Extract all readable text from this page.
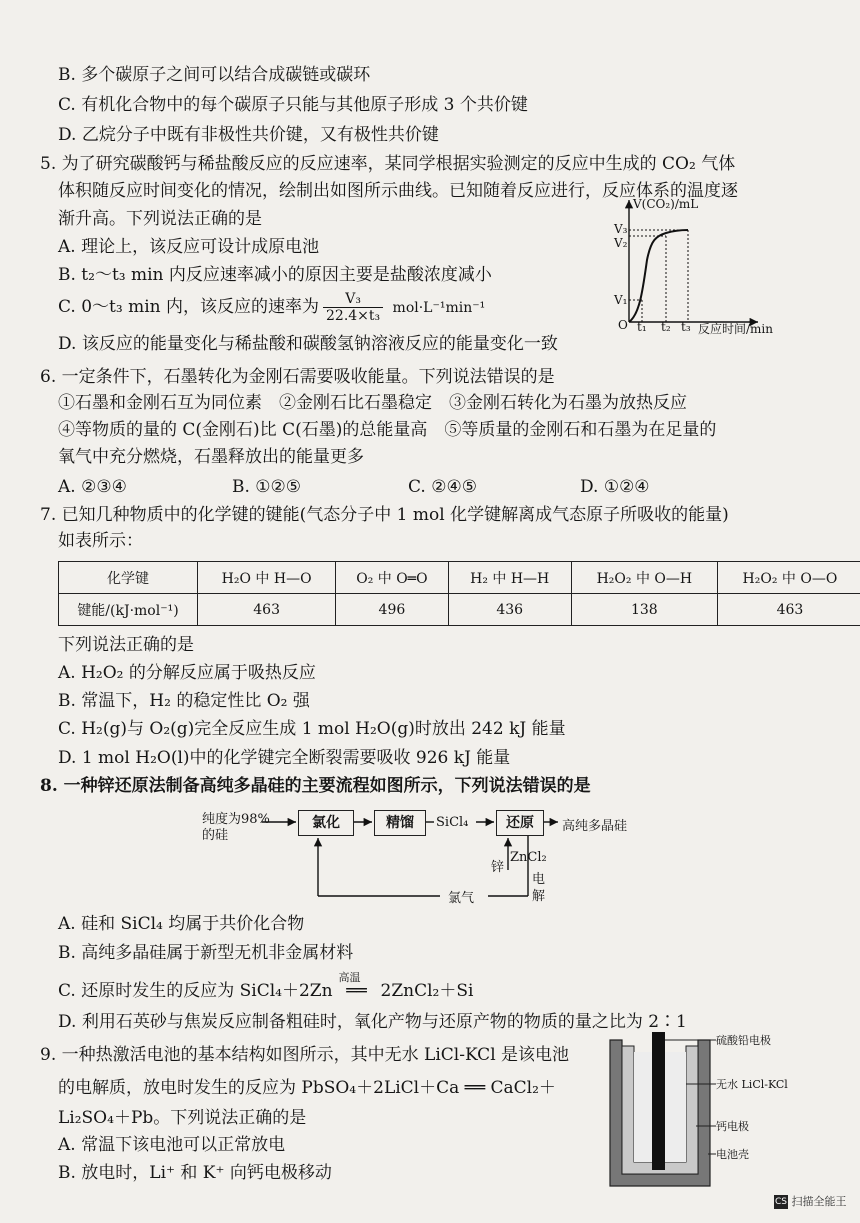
B. 多个碳原子之间可以结合成碳链或碳环
C. 有机化合物中的每个碳原子只能与其他原子形成 3 个共价键
D. 乙烷分子中既有非极性共价键，又有极性共价键
5. 为了研究碳酸钙与稀盐酸反应的反应速率，某同学根据实验测定的反应中生成的 CO₂ 气体
体积随反应时间变化的情况，绘制出如图所示曲线。已知随着反应进行，反应体系的温度逐
渐升高。下列说法正确的是
A. 理论上，该反应可设计成原电池
B. t₂～t₃ min 内反应速率减小的原因主要是盐酸浓度减小
C. 0～t₃ min 内，该反应的速率为 $\frac{\text{V₃}}{\text{22.4×t₃}} mol\cdot L^{-1}\min^{-1}$
D. 该反应的能量变化与稀盐酸和碳酸氢钠溶液反应的能量变化一致
V(CO₂)/mL
V₃
V₂
V₁
O t₁ t₂ t₃ 反应时间/min
6. 一定条件下，石墨转化为金刚石需要吸收能量。下列说法错误的是
①石墨和金刚石互为同位素　②金刚石比石墨稳定　③金刚石转化为石墨为放热反应
④等物质的量的 C(金刚石)比 C(石墨)的总能量高　⑤等质量的金刚石和石墨为在足量的
氧气中充分燃烧，石墨释放出的能量更多
A. ②③④	B. ①②⑤	C. ②④⑤	D. ①②④
7. 已知几种物质中的化学键的键能(气态分子中 1 mol 化学键解离成气态原子所吸收的能量)
如表所示：
化学键	H₂O 中 H—O	O₂ 中 O═O	H₂ 中 H—H	H₂O₂ 中 O—H	H₂O₂ 中 O—O
键能/(kJ·mol⁻¹)	463	496	436	138	463
下列说法正确的是
A. H₂O₂ 的分解反应属于吸热反应
B. 常温下，H₂ 的稳定性比 O₂ 强
C. H₂(g)与 O₂(g)完全反应生成 1 mol H₂O(g)时放出 242 kJ 能量
D. 1 mol H₂O(l)中的化学键完全断裂需要吸收 926 kJ 能量
8. 一种锌还原法制备高纯多晶硅的主要流程如图所示，下列说法错误的是
纯度为98%
的硅
氯化	精馏	SiCl₄	还原	高纯多晶硅
锌
ZnCl₂
电
解
氯气
A. 硅和 SiCl₄ 均属于共价化合物
B. 高纯多晶硅属于新型无机非金属材料
C. 还原时发生的反应为 SiCl₄＋2Zn
高温
══ 2ZnCl₂＋Si
D. 利用石英砂与焦炭反应制备粗硅时，氧化产物与还原产物的物质的量之比为 2∶1
9. 一种热激活电池的基本结构如图所示，其中无水 LiCl-KCl 是该电池
的电解质，放电时发生的反应为 PbSO₄＋2LiCl＋Ca ══ CaCl₂＋
Li₂SO₄＋Pb。下列说法正确的是
A. 常温下该电池可以正常放电
B. 放电时，Li⁺ 和 K⁺ 向钙电极移动
硫酸铅电极
无水 LiCl-KCl
钙电极
电池壳
CS 扫描全能王
